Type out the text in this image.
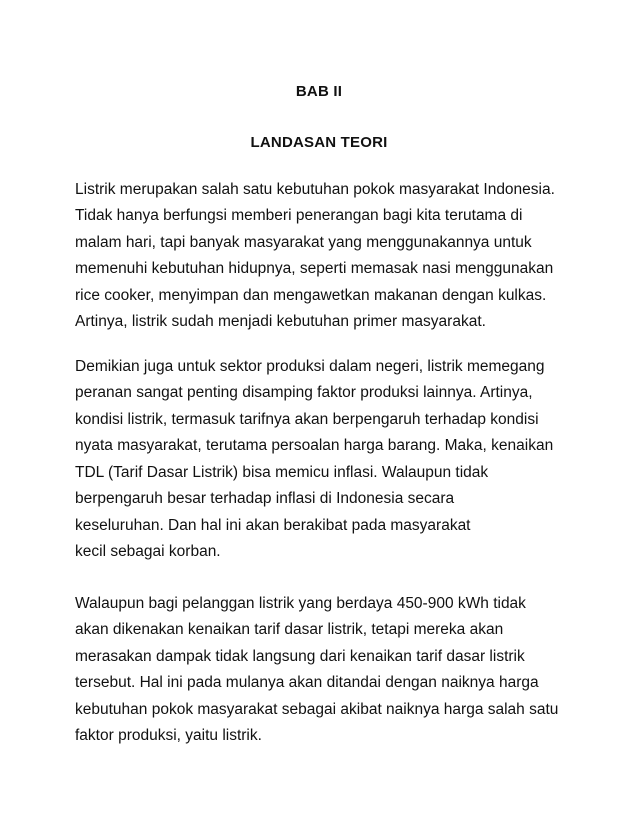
BAB II
LANDASAN TEORI
Listrik merupakan salah satu kebutuhan pokok masyarakat Indonesia.
Tidak hanya berfungsi memberi penerangan bagi kita terutama di
malam hari, tapi banyak masyarakat yang menggunakannya untuk
memenuhi kebutuhan hidupnya, seperti memasak nasi menggunakan
rice cooker, menyimpan dan mengawetkan makanan dengan kulkas.
Artinya, listrik sudah menjadi kebutuhan primer masyarakat.
Demikian juga untuk sektor produksi dalam negeri, listrik memegang
peranan sangat penting disamping faktor produksi lainnya. Artinya,
kondisi listrik, termasuk tarifnya akan berpengaruh terhadap kondisi
nyata masyarakat, terutama persoalan harga barang. Maka, kenaikan
TDL (Tarif Dasar Listrik) bisa memicu inflasi. Walaupun tidak
berpengaruh besar terhadap inflasi di Indonesia secara
keseluruhan. Dan hal ini akan berakibat pada masyarakat
kecil sebagai korban.
Walaupun bagi pelanggan listrik yang berdaya 450-900 kWh tidak
akan dikenakan kenaikan tarif dasar listrik, tetapi mereka akan
merasakan dampak tidak langsung dari kenaikan tarif dasar listrik
tersebut. Hal ini pada mulanya akan ditandai dengan naiknya harga
kebutuhan pokok masyarakat sebagai akibat naiknya harga salah satu
faktor produksi, yaitu listrik.
